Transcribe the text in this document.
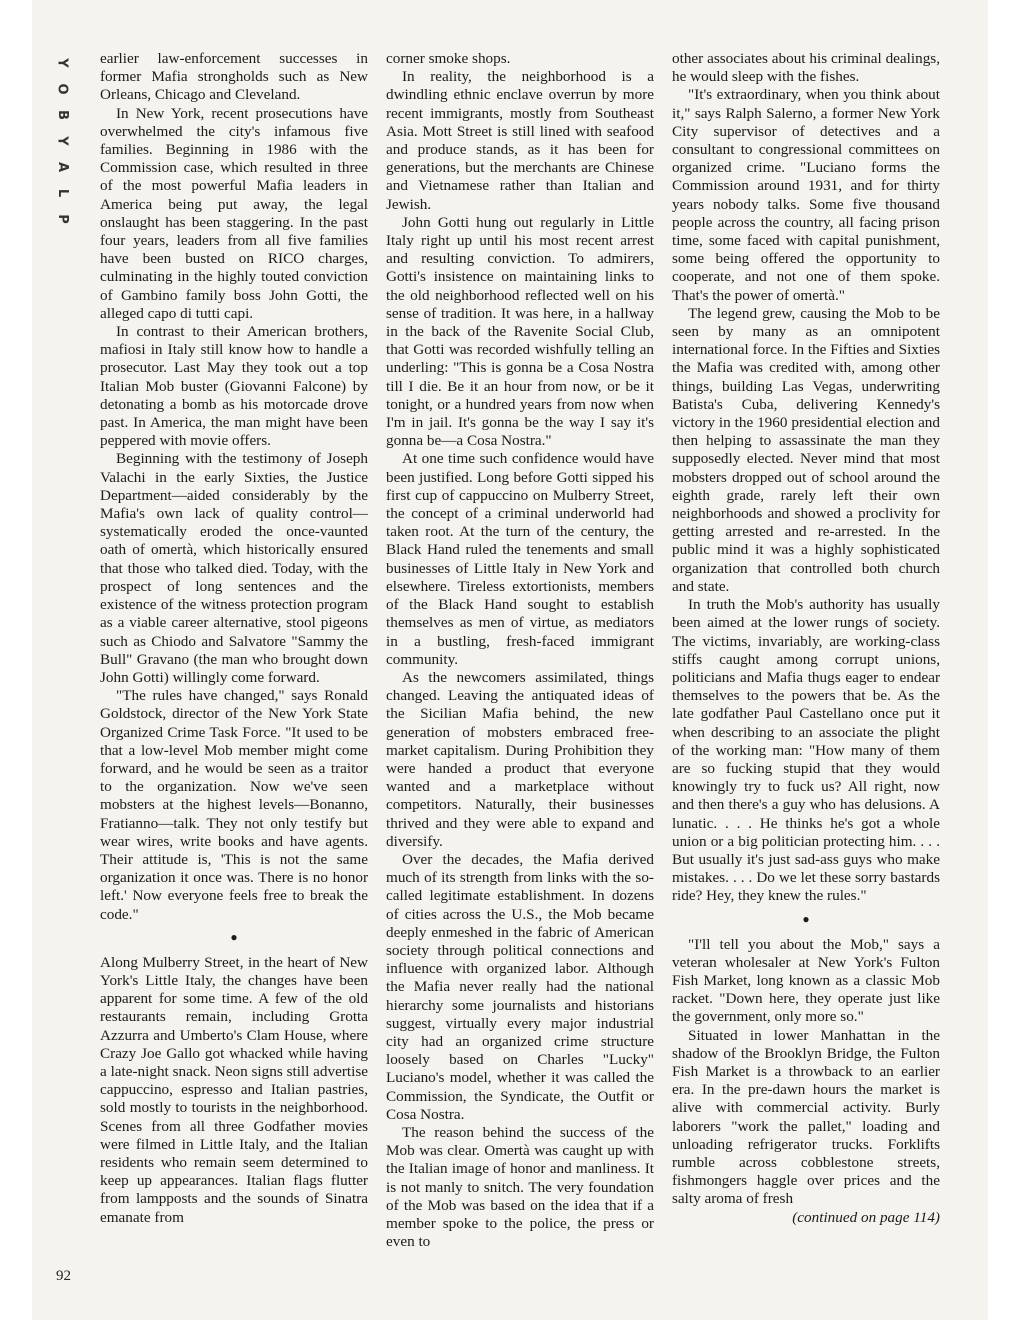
Y
O
B
Y
A
L
P

earlier law-enforcement successes in former Mafia strongholds such as New Orleans, Chicago and Cleveland.

In New York, recent prosecutions have overwhelmed the city's infamous five families. Beginning in 1986 with the Commission case, which resulted in three of the most powerful Mafia leaders in America being put away, the legal onslaught has been staggering. In the past four years, leaders from all five families have been busted on RICO charges, culminating in the highly touted conviction of Gambino family boss John Gotti, the alleged capo di tutti capi.

In contrast to their American brothers, mafiosi in Italy still know how to handle a prosecutor. Last May they took out a top Italian Mob buster (Giovanni Falcone) by detonating a bomb as his motorcade drove past. In America, the man might have been peppered with movie offers.

Beginning with the testimony of Joseph Valachi in the early Sixties, the Justice Department—aided considerably by the Mafia's own lack of quality control—systematically eroded the once-vaunted oath of omertà, which historically ensured that those who talked died. Today, with the prospect of long sentences and the existence of the witness protection program as a viable career alternative, stool pigeons such as Chiodo and Salvatore "Sammy the Bull" Gravano (the man who brought down John Gotti) willingly come forward.

"The rules have changed," says Ronald Goldstock, director of the New York State Organized Crime Task Force. "It used to be that a low-level Mob member might come forward, and he would be seen as a traitor to the organization. Now we've seen mobsters at the highest levels—Bonanno, Fratianno—talk. They not only testify but wear wires, write books and have agents. Their attitude is, 'This is not the same organization it once was. There is no honor left.' Now everyone feels free to break the code."

●

Along Mulberry Street, in the heart of New York's Little Italy, the changes have been apparent for some time. A few of the old restaurants remain, including Grotta Azzurra and Umberto's Clam House, where Crazy Joe Gallo got whacked while having a late-night snack. Neon signs still advertise cappuccino, espresso and Italian pastries, sold mostly to tourists in the neighborhood. Scenes from all three Godfather movies were filmed in Little Italy, and the Italian residents who remain seem determined to keep up appearances. Italian flags flutter from lampposts and the sounds of Sinatra emanate from

corner smoke shops.

In reality, the neighborhood is a dwindling ethnic enclave overrun by more recent immigrants, mostly from Southeast Asia. Mott Street is still lined with seafood and produce stands, as it has been for generations, but the merchants are Chinese and Vietnamese rather than Italian and Jewish.

John Gotti hung out regularly in Little Italy right up until his most recent arrest and resulting conviction. To admirers, Gotti's insistence on maintaining links to the old neighborhood reflected well on his sense of tradition. It was here, in a hallway in the back of the Ravenite Social Club, that Gotti was recorded wishfully telling an underling: "This is gonna be a Cosa Nostra till I die. Be it an hour from now, or be it tonight, or a hundred years from now when I'm in jail. It's gonna be the way I say it's gonna be—a Cosa Nostra."

At one time such confidence would have been justified. Long before Gotti sipped his first cup of cappuccino on Mulberry Street, the concept of a criminal underworld had taken root. At the turn of the century, the Black Hand ruled the tenements and small businesses of Little Italy in New York and elsewhere. Tireless extortionists, members of the Black Hand sought to establish themselves as men of virtue, as mediators in a bustling, fresh-faced immigrant community.

As the newcomers assimilated, things changed. Leaving the antiquated ideas of the Sicilian Mafia behind, the new generation of mobsters embraced free-market capitalism. During Prohibition they were handed a product that everyone wanted and a marketplace without competitors. Naturally, their businesses thrived and they were able to expand and diversify.

Over the decades, the Mafia derived much of its strength from links with the so-called legitimate establishment. In dozens of cities across the U.S., the Mob became deeply enmeshed in the fabric of American society through political connections and influence with organized labor. Although the Mafia never really had the national hierarchy some journalists and historians suggest, virtually every major industrial city had an organized crime structure loosely based on Charles "Lucky" Luciano's model, whether it was called the Commission, the Syndicate, the Outfit or Cosa Nostra.

The reason behind the success of the Mob was clear. Omertà was caught up with the Italian image of honor and manliness. It is not manly to snitch. The very foundation of the Mob was based on the idea that if a member spoke to the police, the press or even to

other associates about his criminal dealings, he would sleep with the fishes.

"It's extraordinary, when you think about it," says Ralph Salerno, a former New York City supervisor of detectives and a consultant to congressional committees on organized crime. "Luciano forms the Commission around 1931, and for thirty years nobody talks. Some five thousand people across the country, all facing prison time, some faced with capital punishment, some being offered the opportunity to cooperate, and not one of them spoke. That's the power of omertà."

The legend grew, causing the Mob to be seen by many as an omnipotent international force. In the Fifties and Sixties the Mafia was credited with, among other things, building Las Vegas, underwriting Batista's Cuba, delivering Kennedy's victory in the 1960 presidential election and then helping to assassinate the man they supposedly elected. Never mind that most mobsters dropped out of school around the eighth grade, rarely left their own neighborhoods and showed a proclivity for getting arrested and re-arrested. In the public mind it was a highly sophisticated organization that controlled both church and state.

In truth the Mob's authority has usually been aimed at the lower rungs of society. The victims, invariably, are working-class stiffs caught among corrupt unions, politicians and Mafia thugs eager to endear themselves to the powers that be. As the late godfather Paul Castellano once put it when describing to an associate the plight of the working man: "How many of them are so fucking stupid that they would knowingly try to fuck us? All right, now and then there's a guy who has delusions. A lunatic. . . . He thinks he's got a whole union or a big politician protecting him. . . . But usually it's just sad-ass guys who make mistakes. . . . Do we let these sorry bastards ride? Hey, they knew the rules."

●

"I'll tell you about the Mob," says a veteran wholesaler at New York's Fulton Fish Market, long known as a classic Mob racket. "Down here, they operate just like the government, only more so."

Situated in lower Manhattan in the shadow of the Brooklyn Bridge, the Fulton Fish Market is a throwback to an earlier era. In the pre-dawn hours the market is alive with commercial activity. Burly laborers "work the pallet," loading and unloading refrigerator trucks. Forklifts rumble across cobblestone streets, fishmongers haggle over prices and the salty aroma of fresh

(continued on page 114)

92
